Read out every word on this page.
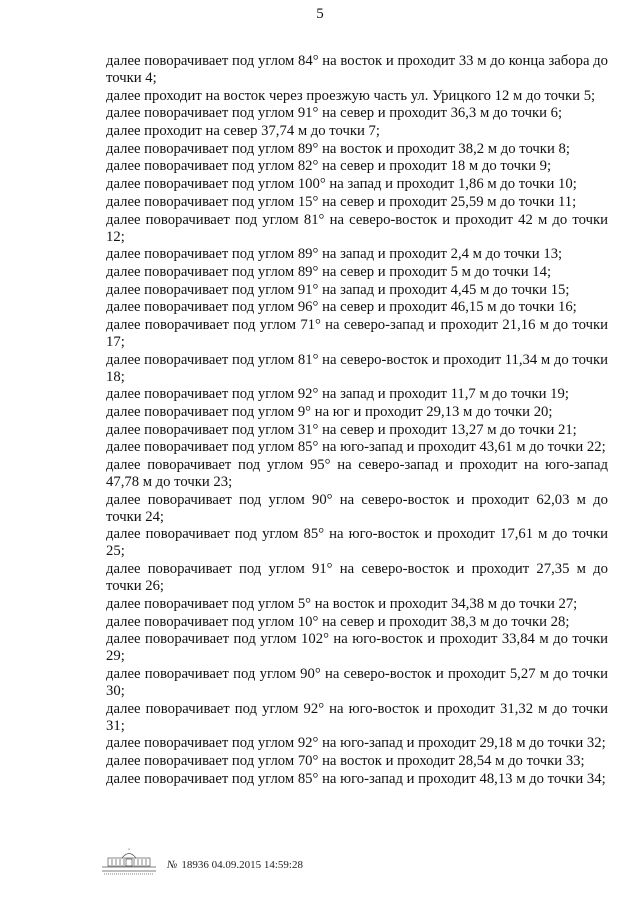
5

далее поворачивает под углом 84° на восток и проходит 33 м до конца забора до точки 4;

далее проходит на восток через проезжую часть ул. Урицкого 12 м до точки 5;

далее поворачивает под углом 91° на север и проходит 36,3 м до точки 6;

далее проходит на север 37,74 м до точки 7;

далее поворачивает под углом 89° на восток и проходит 38,2 м до точки 8;

далее поворачивает под углом 82° на север и проходит 18 м до точки 9;

далее поворачивает под углом 100° на запад и проходит 1,86 м до точки 10;

далее поворачивает под углом 15° на север и проходит 25,59 м до точки 11;

далее поворачивает под углом 81° на северо-восток и проходит 42 м до точки 12;

далее поворачивает под углом 89° на запад и проходит 2,4 м до точки 13;

далее поворачивает под углом 89° на север и проходит 5 м до точки 14;

далее поворачивает под углом 91° на запад и проходит 4,45 м до точки 15;

далее поворачивает под углом 96° на север и проходит 46,15 м до точки 16;

далее поворачивает под углом 71° на северо-запад и проходит 21,16 м до точки 17;

далее поворачивает под углом 81° на северо-восток и проходит 11,34 м до точки 18;

далее поворачивает под углом 92° на запад и проходит 11,7 м до точки 19;

далее поворачивает под углом 9° на юг и проходит 29,13 м до точки 20;

далее поворачивает под углом 31° на север и проходит 13,27 м до точки 21;

далее поворачивает под углом 85° на юго-запад и проходит 43,61 м до точки 22;

далее поворачивает под углом 95° на северо-запад и проходит на юго-запад 47,78 м до точки 23;

далее поворачивает под углом 90° на северо-восток и проходит 62,03 м до точки 24;

далее поворачивает под углом 85° на юго-восток и проходит 17,61 м до точки 25;

далее поворачивает под углом 91° на северо-восток и проходит 27,35 м до точки 26;

далее поворачивает под углом 5° на восток и проходит 34,38 м до точки 27;

далее поворачивает под углом 10° на север и проходит 38,3 м до точки 28;

далее поворачивает под углом 102° на юго-восток и проходит 33,84 м до точки 29;

далее поворачивает под углом 90° на северо-восток и проходит 5,27 м до точки 30;

далее поворачивает под углом 92° на юго-восток и проходит 31,32 м до точки 31;

далее поворачивает под углом 92° на юго-запад и проходит 29,18 м до точки 32;

далее поворачивает под углом 70° на восток и проходит 28,54 м до точки 33;

далее поворачивает под углом 85° на юго-запад и проходит 48,13 м до точки 34;

№ 18936 04.09.2015 14:59:28
